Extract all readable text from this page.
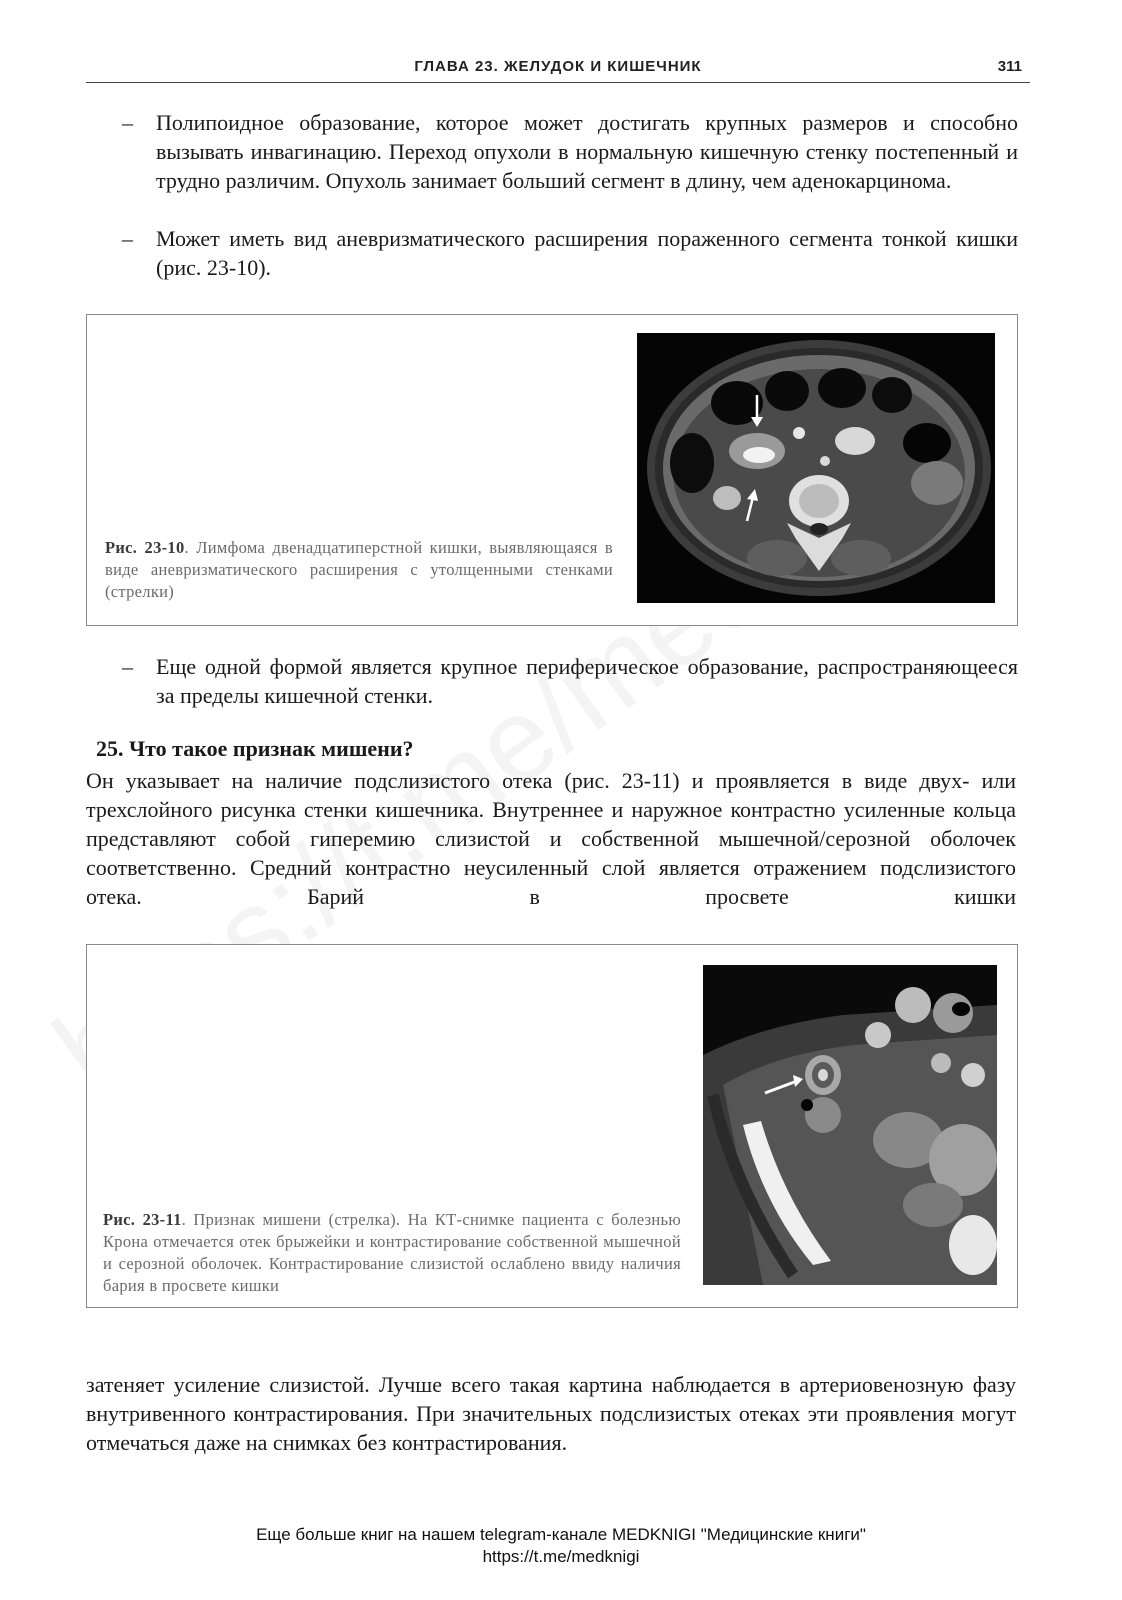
ГЛАВА 23. ЖЕЛУДОК И КИШЕЧНИК	311
– Полипоидное образование, которое может достигать крупных размеров и способно вызывать инвагинацию. Переход опухоли в нормальную кишечную стенку постепенный и трудно различим. Опухоль занимает больший сегмент в длину, чем аденокарцинома.
– Может иметь вид аневризматического расширения пораженного сегмента тонкой кишки (рис. 23-10).
Рис. 23-10. Лимфома двенадцатиперстной кишки, выявляющаяся в виде аневризматического расширения с утолщенными стенками (стрелки)
– Еще одной формой является крупное периферическое образование, распространяющееся за пределы кишечной стенки.
25. Что такое признак мишени?
Он указывает на наличие подслизистого отека (рис. 23-11) и проявляется в виде двух- или трехслойного рисунка стенки кишечника. Внутреннее и наружное контрастно усиленные кольца представляют собой гиперемию слизистой и собственной мышечной/серозной оболочек соответственно. Средний контрастно неусиленный слой является отражением подслизистого отека. Барий в просвете кишки
Рис. 23-11. Признак мишени (стрелка). На КТ-снимке пациента с болезнью Крона отмечается отек брыжейки и контрастирование собственной мышечной и серозной оболочек. Контрастирование слизистой ослаблено ввиду наличия бария в просвете кишки
затеняет усиление слизистой. Лучше всего такая картина наблюдается в артериовенозную фазу внутривенного контрастирования. При значительных подслизистых отеках эти проявления могут отмечаться даже на снимках без контрастирования.
Еще больше книг на нашем telegram-канале MEDKNIGI "Медицинские книги"
https://t.me/medknigi
